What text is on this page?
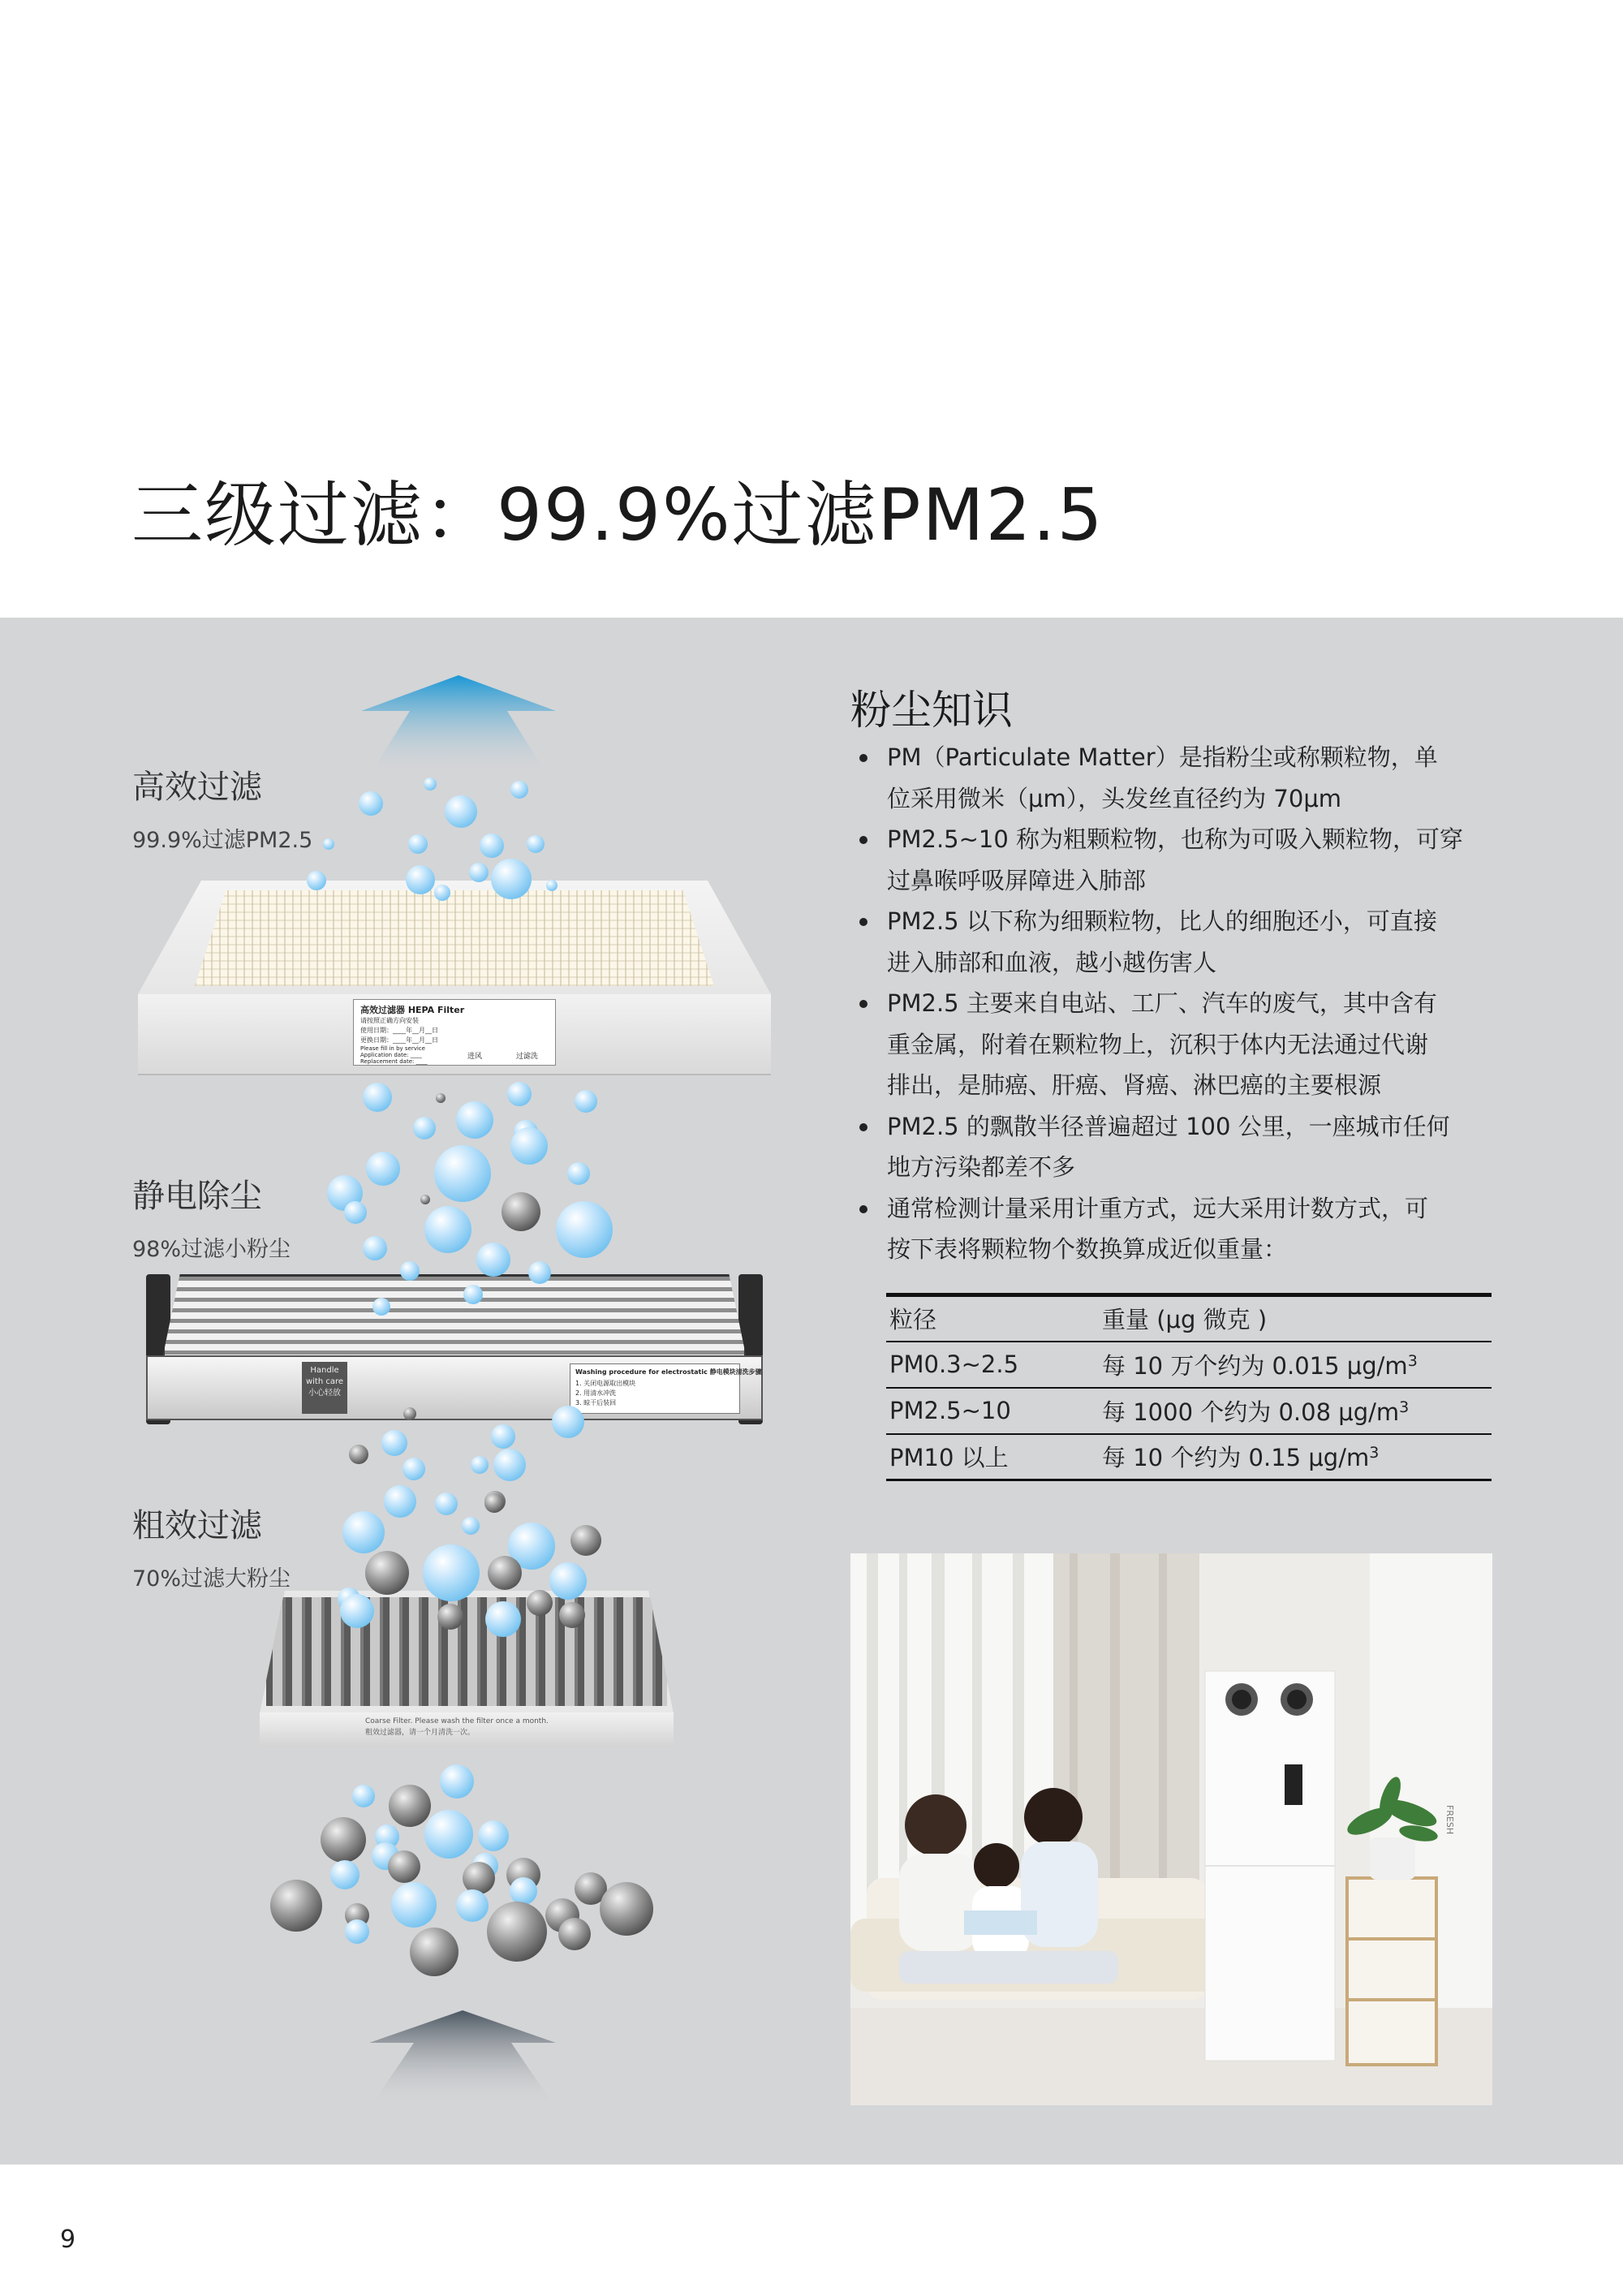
三级过滤：99.9%过滤PM2.5
高效过滤
99.9%过滤PM2.5
静电除尘
98%过滤小粉尘
粗效过滤
70%过滤大粉尘
高效过滤器 HEPA Filter
请按照正确方向安装
使用日期：____年__月__日
更换日期：____年__月__日
Please fill in by service
Application date: ____
Replacement date: ____
进风	过滤洗
Handle with care
小心轻放
Washing procedure for electrostatic 静电模块清洗步骤
1. 关闭电源取出模块
2. 用清水冲洗
3. 晾干后装回
Coarse Filter. Please wash the filter once a month.
粗效过滤器，请一个月清洗一次。
粉尘知识
PM（Particulate Matter）是指粉尘或称颗粒物，单
位采用微米（μm），头发丝直径约为 70μm
PM2.5~10 称为粗颗粒物，也称为可吸入颗粒物，可穿
过鼻喉呼吸屏障进入肺部
PM2.5 以下称为细颗粒物，比人的细胞还小，可直接
进入肺部和血液，越小越伤害人
PM2.5 主要来自电站、工厂、汽车的废气，其中含有
重金属，附着在颗粒物上，沉积于体内无法通过代谢
排出，是肺癌、肝癌、肾癌、淋巴癌的主要根源
PM2.5 的飘散半径普遍超过 100 公里，一座城市任何
地方污染都差不多
通常检测计量采用计重方式，远大采用计数方式，可
按下表将颗粒物个数换算成近似重量：
粒径	重量 (μg 微克 )
PM0.3~2.5	每 10 万个约为 0.015 $\mu g/m^3$
PM2.5~10	每 1000 个约为 0.08 $\mu g/m^3$
PM10 以上	每 10 个约为 0.15 $\mu g/m^3$
FRESH
9
